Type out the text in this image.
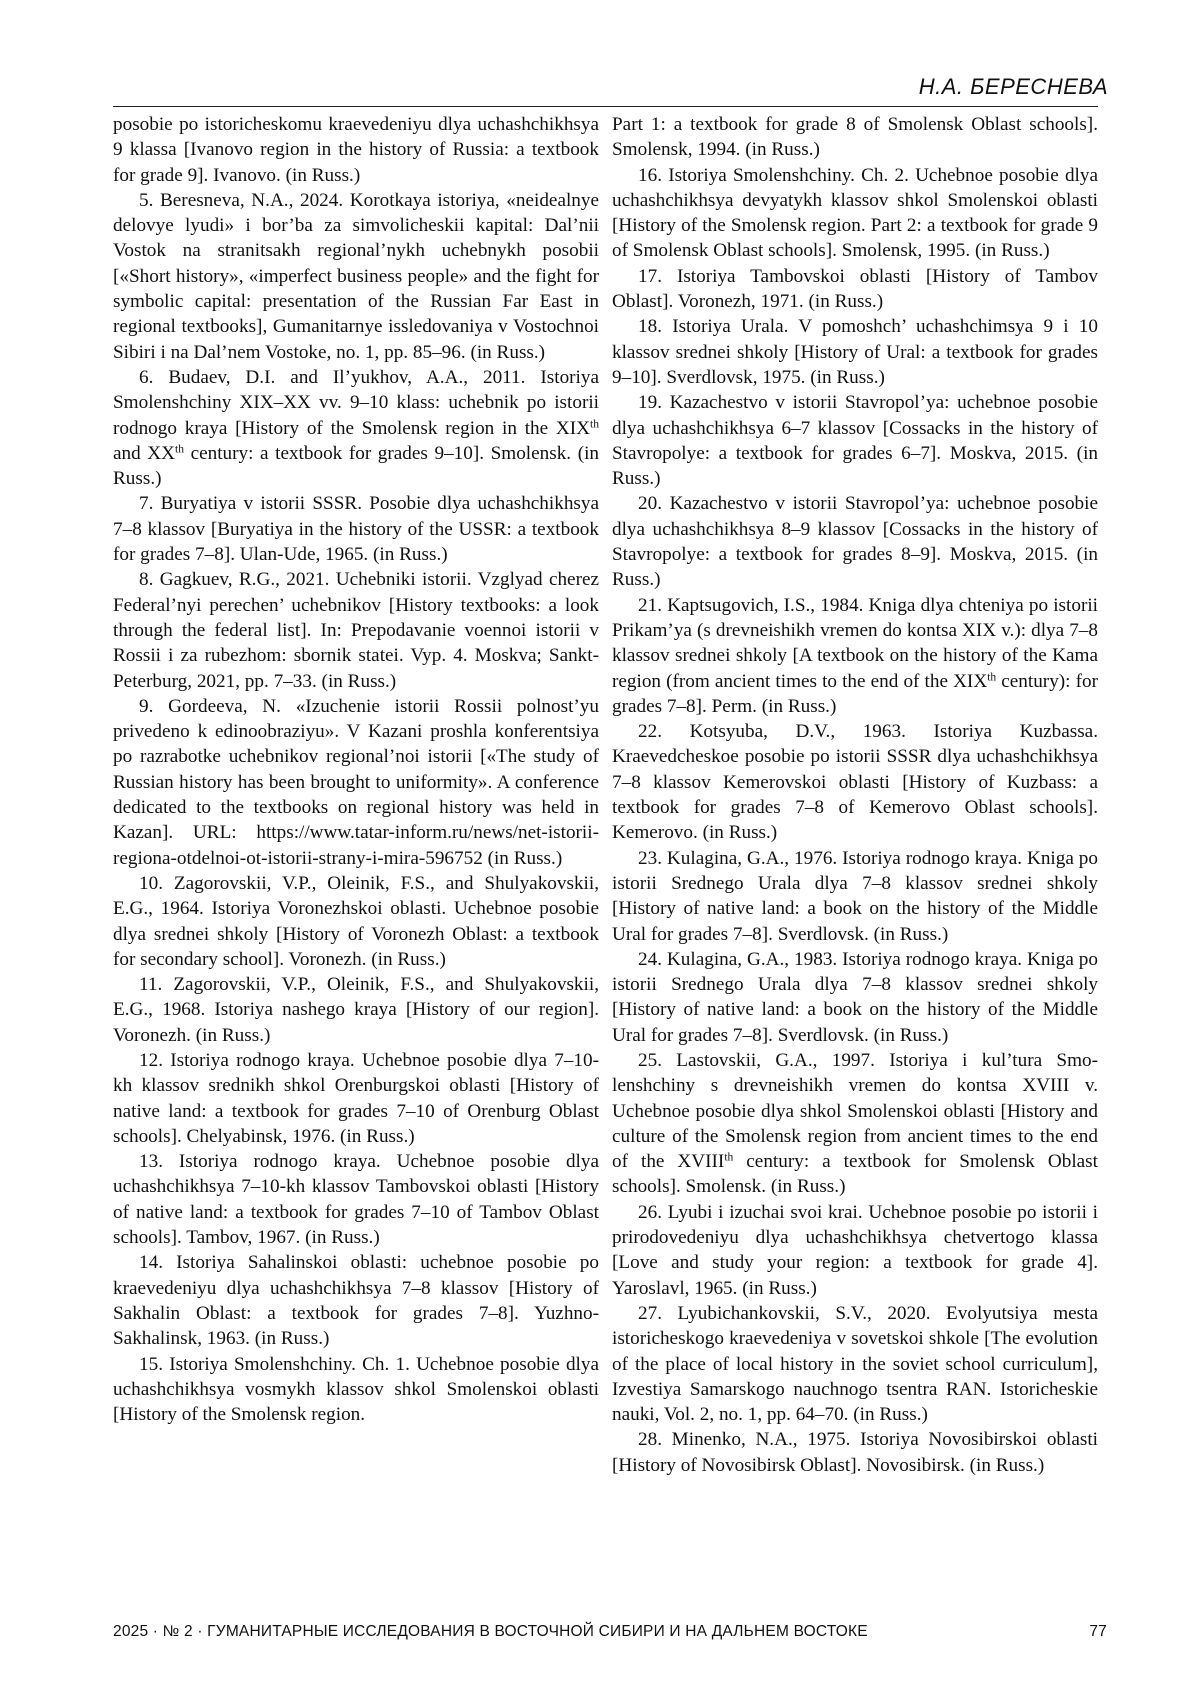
Н.А. БЕРЕСНЕВА

posobie po istoricheskomu kraevedeniyu dlya uchashchikhsya 9 klassa [Ivanovo region in the history of Russia: a textbook for grade 9]. Ivanovo. (in Russ.)

5. Beresneva, N.A., 2024. Korotkaya istoriya, «neidealnye delovye lyudi» i bor’ba za simvolicheskii kapital: Dal’nii Vostok na stranitsakh regional’nykh uchebnykh posobii [«Short history», «imperfect business people» and the fight for symbolic capital: presentation of the Russian Far East in regional textbooks], Gumanitarnye issledovaniya v Vostochnoi Sibiri i na Dal’nem Vostoke, no. 1, pp. 85–96. (in Russ.)

6. Budaev, D.I. and Il’yukhov, A.A., 2011. Istoriya Smolenshchiny XIX–XX vv. 9–10 klass: uchebnik po istorii rodnogo kraya [History of the Smolensk region in the XIXth and XXth century: a textbook for grades 9–10]. Smolensk. (in Russ.)

7. Buryatiya v istorii SSSR. Posobie dlya uchashchikhsya 7–8 klassov [Buryatiya in the history of the USSR: a textbook for grades 7–8]. Ulan-Ude, 1965. (in Russ.)

8. Gagkuev, R.G., 2021. Uchebniki istorii. Vzglyad cherez Federal’nyi perechen’ uchebnikov [History textbooks: a look through the federal list]. In: Prepodavanie voennoi istorii v Rossii i za rubezhom: sbornik statei. Vyp. 4. Moskva; Sankt-Peterburg, 2021, pp. 7–33. (in Russ.)

9. Gordeeva, N. «Izuchenie istorii Rossii polnost’yu privedeno k edinoobraziyu». V Kazani proshla konferentsiya po razrabotke uchebnikov regional’noi istorii [«The study of Russian history has been brought to uniformity». A conference dedicated to the textbooks on regional history was held in Kazan]. URL: https://www.tatar-inform.ru/news/net-istorii-regiona-otdelnoi-ot-istorii-strany-i-mira-596752 (in Russ.)

10. Zagorovskii, V.P., Oleinik, F.S., and Shulyakovskii, E.G., 1964. Istoriya Voronezhskoi oblasti. Uchebnoe posobie dlya srednei shkoly [History of Voronezh Oblast: a textbook for secondary school]. Voronezh. (in Russ.)

11. Zagorovskii, V.P., Oleinik, F.S., and Shulyakovskii, E.G., 1968. Istoriya nashego kraya [History of our region]. Voronezh. (in Russ.)

12. Istoriya rodnogo kraya. Uchebnoe posobie dlya 7–10-kh klassov srednikh shkol Orenburgskoi oblasti [History of native land: a textbook for grades 7–10 of Orenburg Oblast schools]. Chelyabinsk, 1976. (in Russ.)

13. Istoriya rodnogo kraya. Uchebnoe posobie dlya uchashchikhsya 7–10-kh klassov Tambovskoi oblasti [History of native land: a textbook for grades 7–10 of Tambov Oblast schools]. Tambov, 1967. (in Russ.)

14. Istoriya Sahalinskoi oblasti: uchebnoe posobie po kraevedeniyu dlya uchashchikhsya 7–8 klassov [History of Sakhalin Oblast: a textbook for grades 7–8]. Yuzhno-Sakhalinsk, 1963. (in Russ.)

15. Istoriya Smolenshchiny. Ch. 1. Uchebnoe posobie dlya uchashchikhsya vosmykh klassov shkol Smolenskoi oblasti [History of the Smolensk region.

Part 1: a textbook for grade 8 of Smolensk Oblast schools]. Smolensk, 1994. (in Russ.)

16. Istoriya Smolenshchiny. Ch. 2. Uchebnoe posobie dlya uchashchikhsya devyatykh klassov shkol Smolenskoi oblasti [History of the Smolensk region. Part 2: a textbook for grade 9 of Smolensk Oblast schools]. Smolensk, 1995. (in Russ.)

17. Istoriya Tambovskoi oblasti [History of Tambov Oblast]. Voronezh, 1971. (in Russ.)

18. Istoriya Urala. V pomoshch’ uchashchimsya 9 i 10 klassov srednei shkoly [History of Ural: a textbook for grades 9–10]. Sverdlovsk, 1975. (in Russ.)

19. Kazachestvo v istorii Stavropol’ya: uchebnoe posobie dlya uchashchikhsya 6–7 klassov [Cossacks in the history of Stavropolye: a textbook for grades 6–7]. Moskva, 2015. (in Russ.)

20. Kazachestvo v istorii Stavropol’ya: uchebnoe posobie dlya uchashchikhsya 8–9 klassov [Cossacks in the history of Stavropolye: a textbook for grades 8–9]. Moskva, 2015. (in Russ.)

21. Kaptsugovich, I.S., 1984. Kniga dlya chteniya po istorii Prikam’ya (s drevneishikh vremen do kontsa XIX v.): dlya 7–8 klassov srednei shkoly [A textbook on the history of the Kama region (from ancient times to the end of the XIXth century): for grades 7–8]. Perm. (in Russ.)

22. Kotsyuba, D.V., 1963. Istoriya Kuzbassa. Kraevedcheskoe posobie po istorii SSSR dlya uchashchikhsya 7–8 klassov Kemerovskoi oblasti [History of Kuzbass: a textbook for grades 7–8 of Kemerovo Oblast schools]. Kemerovo. (in Russ.)

23. Kulagina, G.A., 1976. Istoriya rodnogo kraya. Kniga po istorii Srednego Urala dlya 7–8 klassov srednei shkoly [History of native land: a book on the history of the Middle Ural for grades 7–8]. Sverdlovsk. (in Russ.)

24. Kulagina, G.A., 1983. Istoriya rodnogo kraya. Kniga po istorii Srednego Urala dlya 7–8 klassov srednei shkoly [History of native land: a book on the history of the Middle Ural for grades 7–8]. Sverdlovsk. (in Russ.)

25. Lastovskii, G.A., 1997. Istoriya i kul’tura Smolenshchiny s drevneishikh vremen do kontsa XVIII v. Uchebnoe posobie dlya shkol Smolenskoi oblasti [History and culture of the Smolensk region from ancient times to the end of the XVIIIth century: a textbook for Smolensk Oblast schools]. Smolensk. (in Russ.)

26. Lyubi i izuchai svoi krai. Uchebnoe posobie po istorii i prirodovedeniyu dlya uchashchikhsya chetvertogo klassa [Love and study your region: a textbook for grade 4]. Yaroslavl, 1965. (in Russ.)

27. Lyubichankovskii, S.V., 2020. Evolyutsiya mesta istoricheskogo kraevedeniya v sovetskoi shkole [The evolution of the place of local history in the soviet school curriculum], Izvestiya Samarskogo nauchnogo tsentra RAN. Istoricheskie nauki, Vol. 2, no. 1, pp. 64–70. (in Russ.)

28. Minenko, N.A., 1975. Istoriya Novosibirskoi oblasti [History of Novosibirsk Oblast]. Novosibirsk. (in Russ.)

2025 · № 2 · ГУМАНИТАРНЫЕ ИССЛЕДОВАНИЯ В ВОСТОЧНОЙ СИБИРИ И НА ДАЛЬНЕМ ВОСТОКЕ	77
